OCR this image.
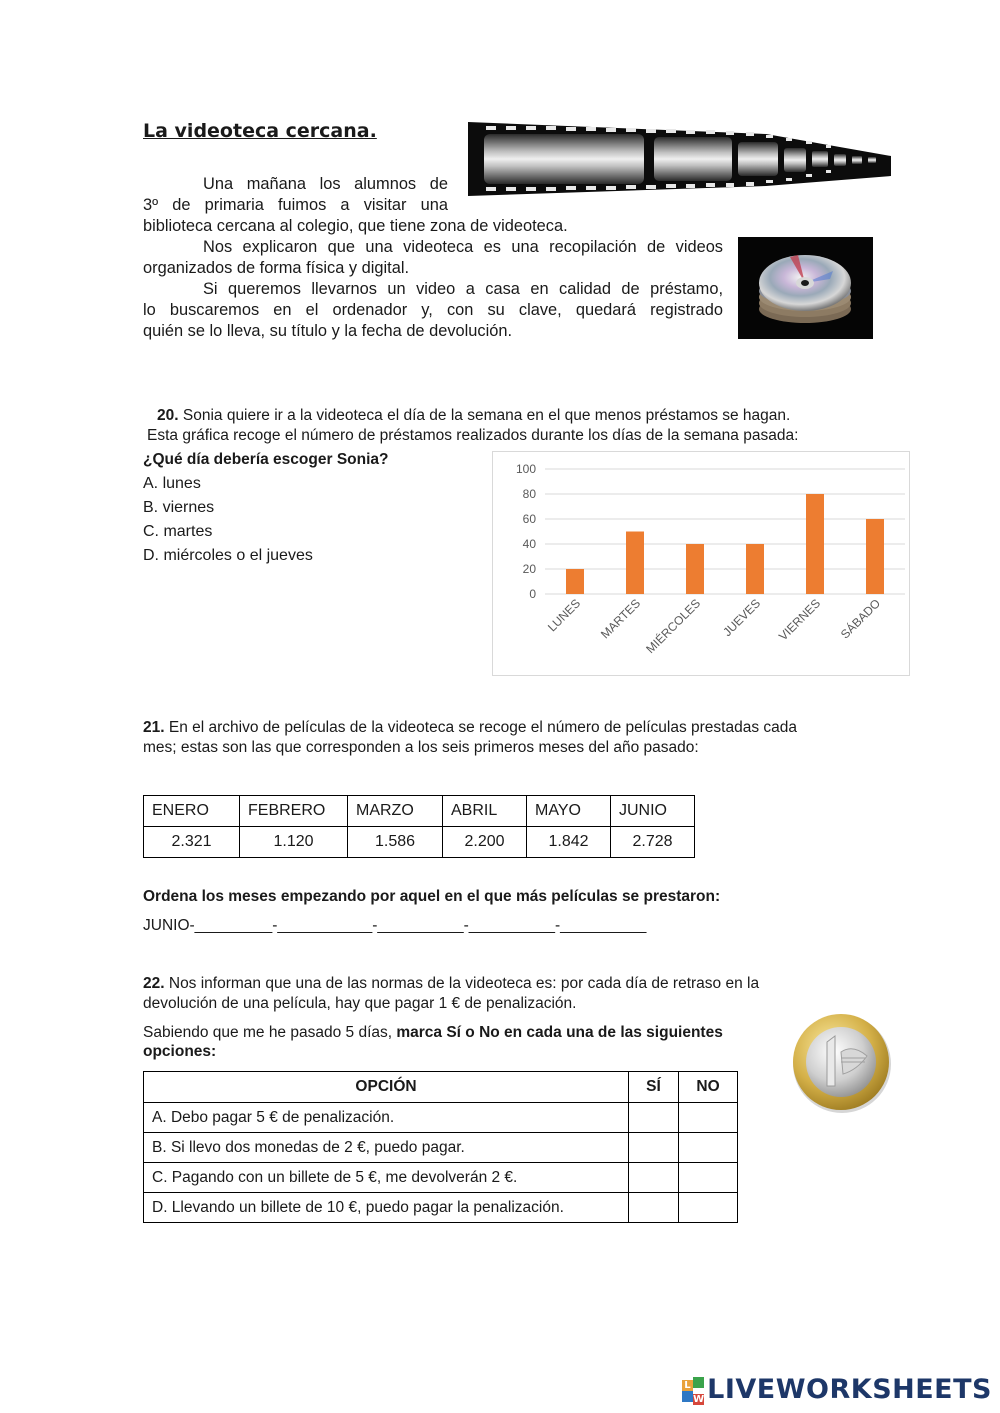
La videoteca cercana.
Una mañana los alumnos de
3º de primaria fuimos a visitar una
biblioteca cercana al colegio, que tiene zona de videoteca.
Nos explicaron que una videoteca es una recopilación de videos
organizados de forma física y digital.
Si queremos llevarnos un video a casa en calidad de préstamo,
lo buscaremos en el ordenador y, con su clave, quedará registrado
quién se lo lleva, su título y la fecha de devolución.
20. Sonia quiere ir a la videoteca el día de la semana en el que menos préstamos se hagan.
Esta gráfica recoge el número de préstamos realizados durante los días de la semana pasada:
¿Qué día debería escoger Sonia?
A. lunes
B. viernes
C. martes
D. miércoles o el jueves
0
20
40
60
80
100
LUNES MARTES MIÉRCOLES JUEVES VIERNES SÁBADO
21. En el archivo de películas de la videoteca se recoge el número de películas prestadas cada
mes; estas son las que corresponden a los seis primeros meses del año pasado:
ENERO	FEBRERO	MARZO	ABRIL	MAYO	JUNIO
2.321	1.120	1.586	2.200	1.842	2.728
Ordena los meses empezando por aquel en el que más películas se prestaron:
JUNIO-_________-___________-__________-__________-__________
22. Nos informan que una de las normas de la videoteca es: por cada día de retraso en la
devolución de una película, hay que pagar 1 € de penalización.
Sabiendo que me he pasado 5 días, marca Sí o No en cada una de las siguientes
opciones:
OPCIÓN	SÍ	NO
A. Debo pagar 5 € de penalización.		
B. Si llevo dos monedas de 2 €, puedo pagar.		
C. Pagando con un billete de 5 €, me devolverán 2 €.		
D. Llevando un billete de 10 €, puedo pagar la penalización.		
L
WLIVEWORKSHEETS
